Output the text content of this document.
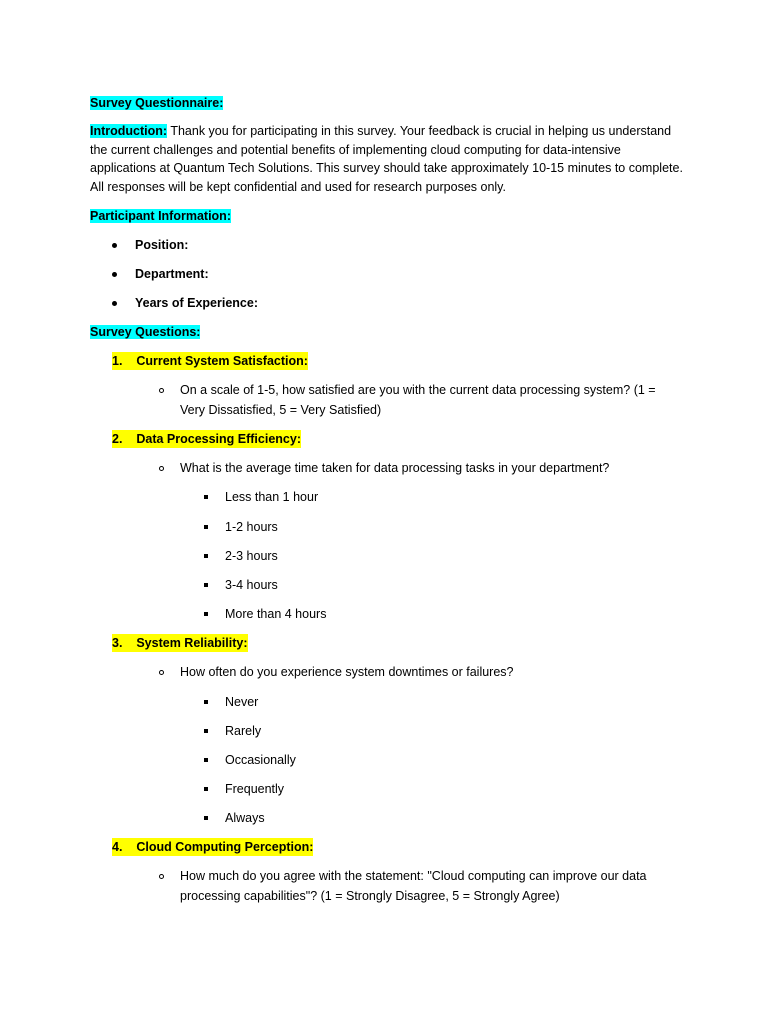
Survey Questionnaire:
Introduction: Thank you for participating in this survey. Your feedback is crucial in helping us understand the current challenges and potential benefits of implementing cloud computing for data-intensive applications at Quantum Tech Solutions. This survey should take approximately 10-15 minutes to complete. All responses will be kept confidential and used for research purposes only.
Participant Information:
Position:
Department:
Years of Experience:
Survey Questions:
1. Current System Satisfaction:
On a scale of 1-5, how satisfied are you with the current data processing system? (1 = Very Dissatisfied, 5 = Very Satisfied)
2. Data Processing Efficiency:
What is the average time taken for data processing tasks in your department?
Less than 1 hour
1-2 hours
2-3 hours
3-4 hours
More than 4 hours
3. System Reliability:
How often do you experience system downtimes or failures?
Never
Rarely
Occasionally
Frequently
Always
4. Cloud Computing Perception:
How much do you agree with the statement: "Cloud computing can improve our data processing capabilities"? (1 = Strongly Disagree, 5 = Strongly Agree)
